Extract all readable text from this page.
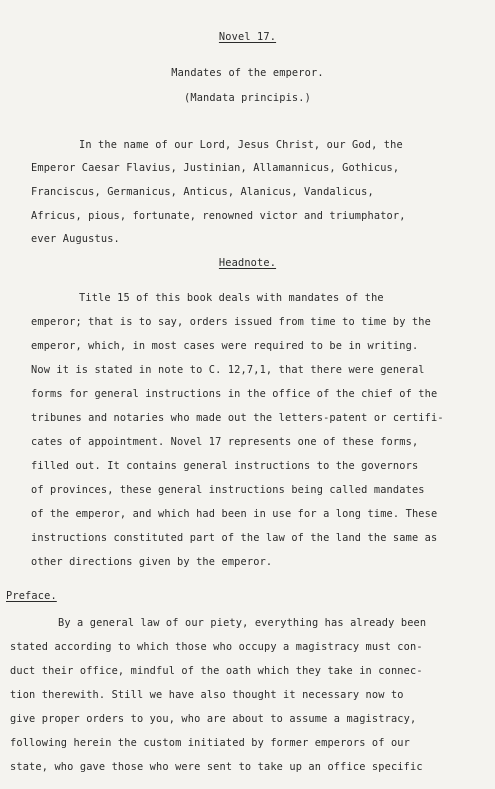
Novel 17.
Mandates of the emperor.
(Mandata principis.)
In the name of our Lord, Jesus Christ, our God, the
Emperor Caesar Flavius, Justinian, Allamannicus, Gothicus,
Franciscus, Germanicus, Anticus, Alanicus, Vandalicus,
Africus, pious, fortunate, renowned victor and triumphator,
ever Augustus.
Headnote.
Title 15 of this book deals with mandates of the
emperor; that is to say, orders issued from time to time by the
emperor, which, in most cases were required to be in writing.
Now it is stated in note to C. 12,7,1, that there were general
forms for general instructions in the office of the chief of the
tribunes and notaries who made out the letters-patent or certifi-
cates of appointment. Novel 17 represents one of these forms,
filled out. It contains general instructions to the governors
of provinces, these general instructions being called mandates
of the emperor, and which had been in use for a long time. These
instructions constituted part of the law of the land the same as
other directions given by the emperor.
Preface.
By a general law of our piety, everything has already been
stated according to which those who occupy a magistracy must con-
duct their office, mindful of the oath which they take in connec-
tion therewith. Still we have also thought it necessary now to
give proper orders to you, who are about to assume a magistracy,
following herein the custom initiated by former emperors of our
state, who gave those who were sent to take up an office specific
